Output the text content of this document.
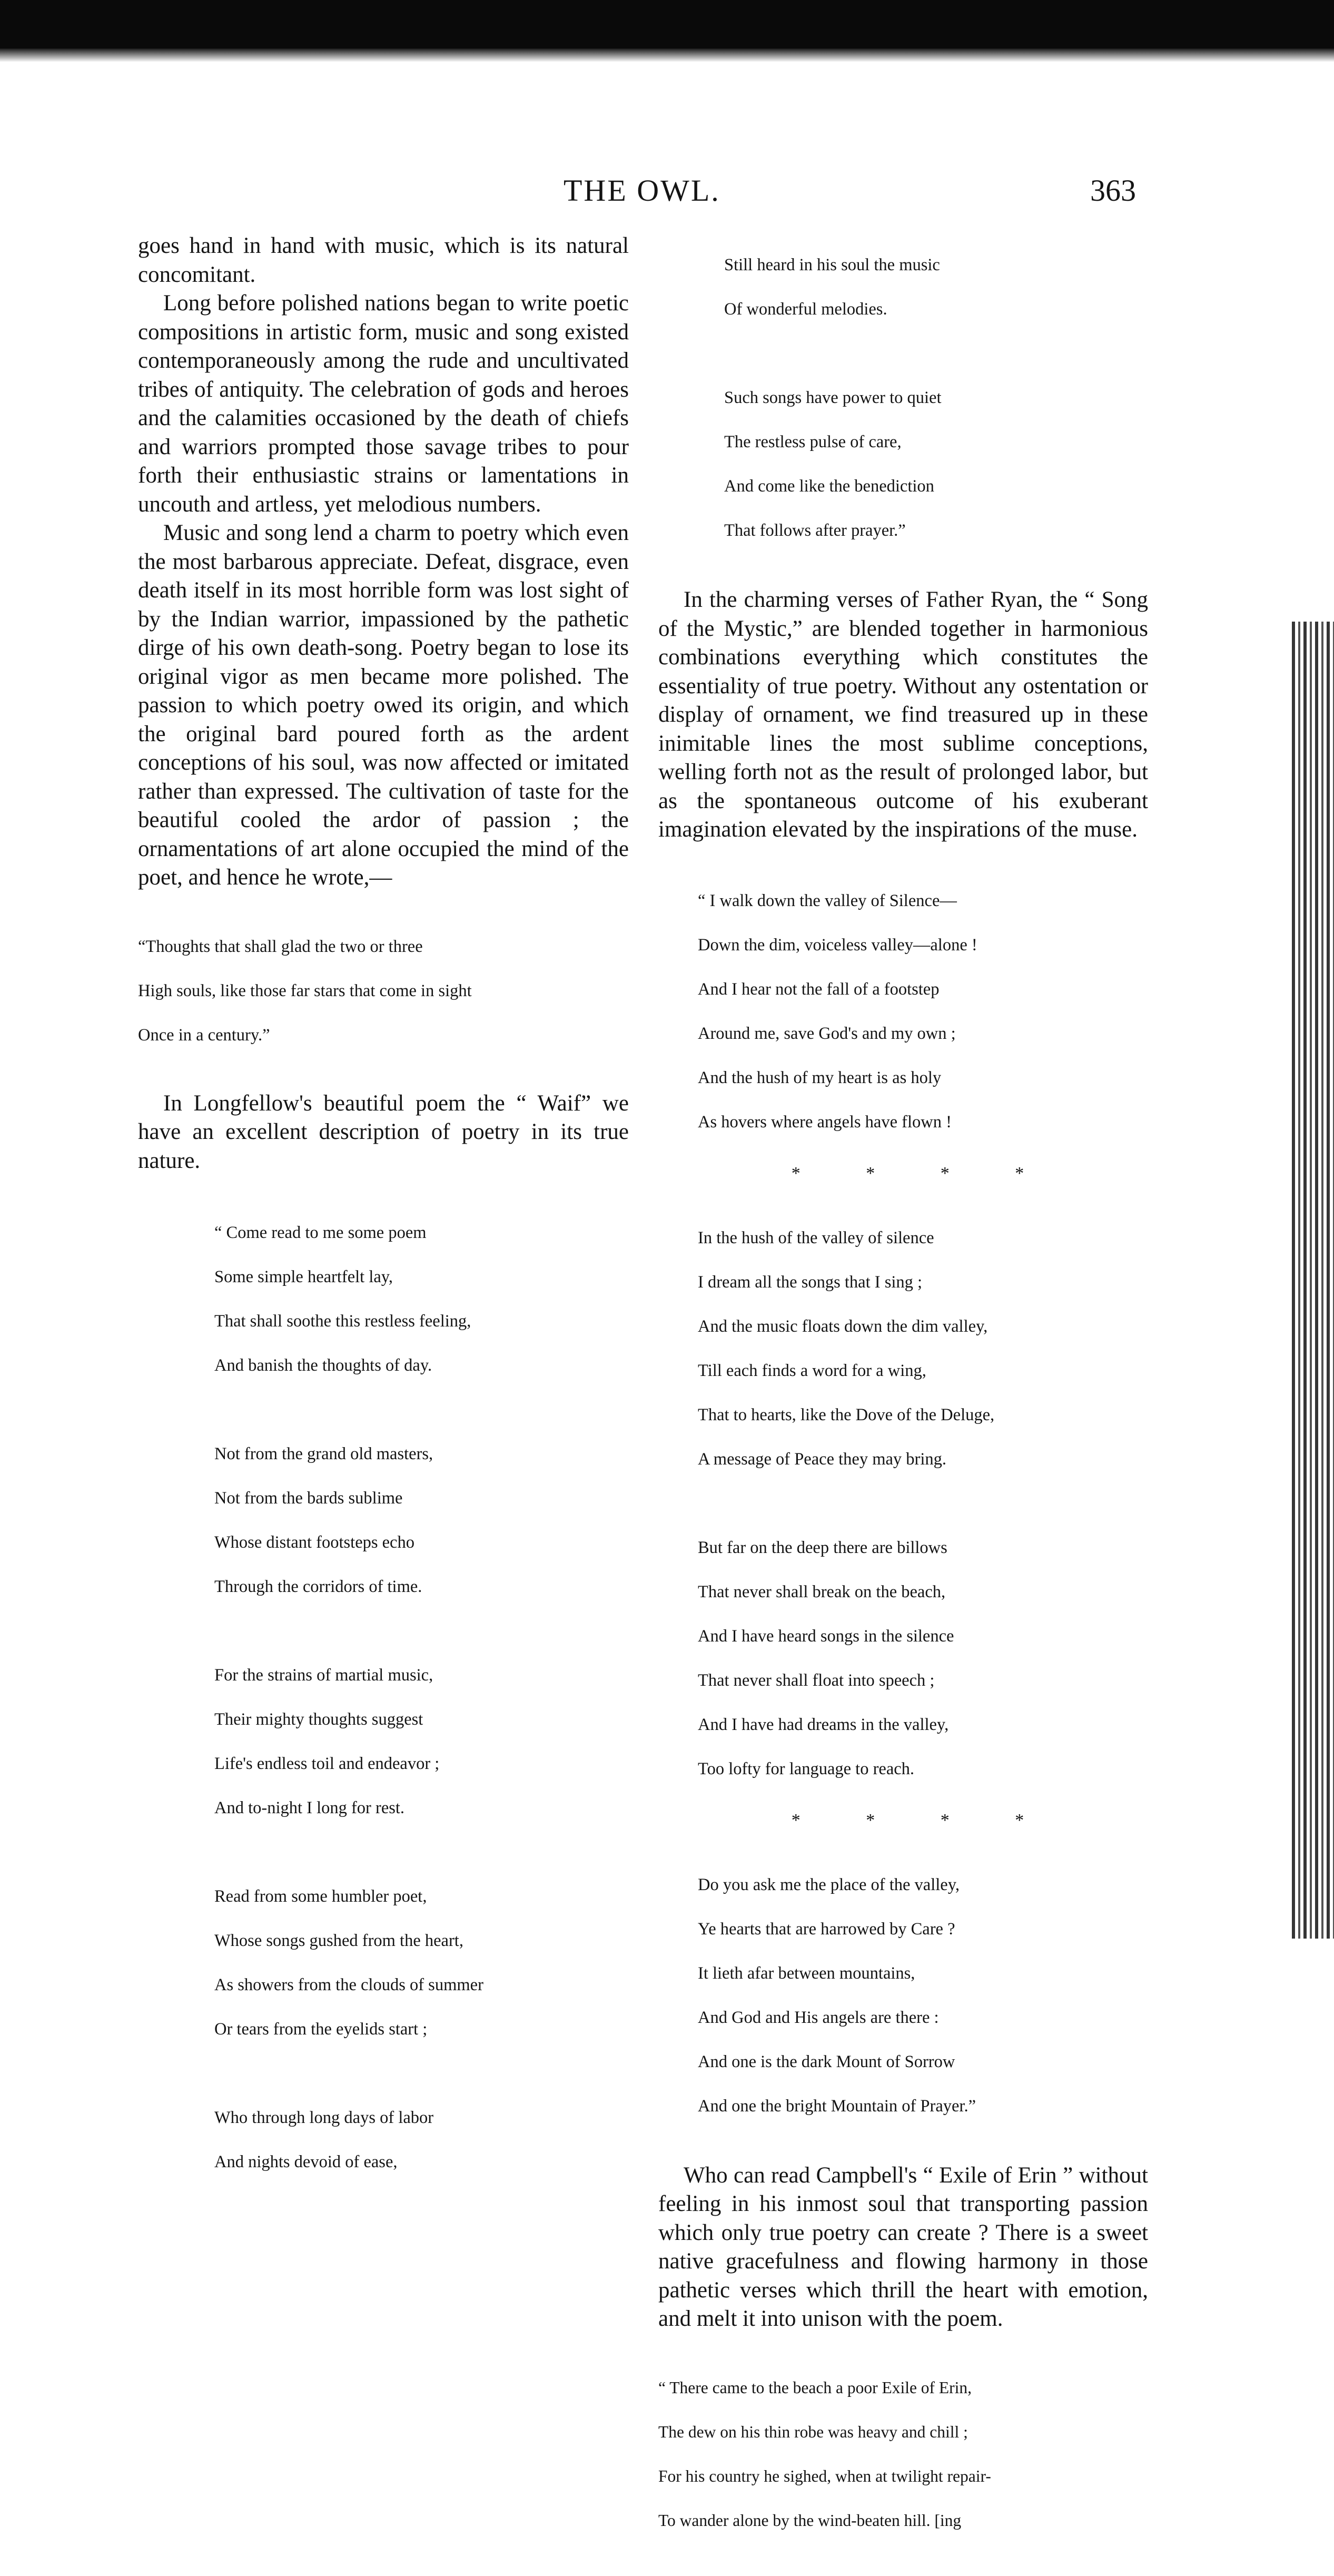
THE OWL.	363

goes hand in hand with music, which is its natural concomitant.

Long before polished nations began to write poetic compositions in artistic form, music and song existed contemporaneously among the rude and uncultivated tribes of antiquity. The celebration of gods and heroes and the calamities occasioned by the death of chiefs and warriors prompted those savage tribes to pour forth their enthusiastic strains or lamentations in uncouth and artless, yet melodious numbers.

Music and song lend a charm to poetry which even the most barbarous appreciate. Defeat, disgrace, even death itself in its most horrible form was lost sight of by the Indian warrior, impassioned by the pathetic dirge of his own death-song. Poetry began to lose its original vigor as men became more polished. The passion to which poetry owed its origin, and which the original bard poured forth as the ardent conceptions of his soul, was now affected or imitated rather than expressed. The cultivation of taste for the beautiful cooled the ardor of passion ; the ornamentations of art alone occupied the mind of the poet, and hence he wrote,—

“Thoughts that shall glad the two or three

High souls, like those far stars that come in sight

Once in a century.”

In Longfellow's beautiful poem the “ Waif” we have an excellent description of poetry in its true nature.

“ Come read to me some poem

Some simple heartfelt lay,

That shall soothe this restless feeling,

And banish the thoughts of day.

Not from the grand old masters,

Not from the bards sublime

Whose distant footsteps echo

Through the corridors of time.

For the strains of martial music,

Their mighty thoughts suggest

Life's endless toil and endeavor ;

And to-night I long for rest.

Read from some humbler poet,

Whose songs gushed from the heart,

As showers from the clouds of summer

Or tears from the eyelids start ;

Who through long days of labor

And nights devoid of ease,

Still heard in his soul the music

Of wonderful melodies.

Such songs have power to quiet

The restless pulse of care,

And come like the benediction

That follows after prayer.”

In the charming verses of Father Ryan, the “ Song of the Mystic,” are blended together in harmonious combinations everything which constitutes the essentiality of true poetry. Without any ostentation or display of ornament, we find treasured up in these inimitable lines the most sublime conceptions, welling forth not as the result of prolonged labor, but as the spontaneous outcome of his exuberant imagination elevated by the inspirations of the muse.

“ I walk down the valley of Silence—

Down the dim, voiceless valley—alone !

And I hear not the fall of a footstep

Around me, save God's and my own ;

And the hush of my heart is as holy

As hovers where angels have flown !

* * * *

In the hush of the valley of silence

I dream all the songs that I sing ;

And the music floats down the dim valley,

Till each finds a word for a wing,

That to hearts, like the Dove of the Deluge,

A message of Peace they may bring.

But far on the deep there are billows

That never shall break on the beach,

And I have heard songs in the silence

That never shall float into speech ;

And I have had dreams in the valley,

Too lofty for language to reach.

* * * *

Do you ask me the place of the valley,

Ye hearts that are harrowed by Care ?

It lieth afar between mountains,

And God and His angels are there :

And one is the dark Mount of Sorrow

And one the bright Mountain of Prayer.”

Who can read Campbell's “ Exile of Erin ” without feeling in his inmost soul that transporting passion which only true poetry can create ? There is a sweet native gracefulness and flowing harmony in those pathetic verses which thrill the heart with emotion, and melt it into unison with the poem.

“ There came to the beach a poor Exile of Erin,

The dew on his thin robe was heavy and chill ;

For his country he sighed, when at twilight repair-

To wander alone by the wind-beaten hill. [ing
